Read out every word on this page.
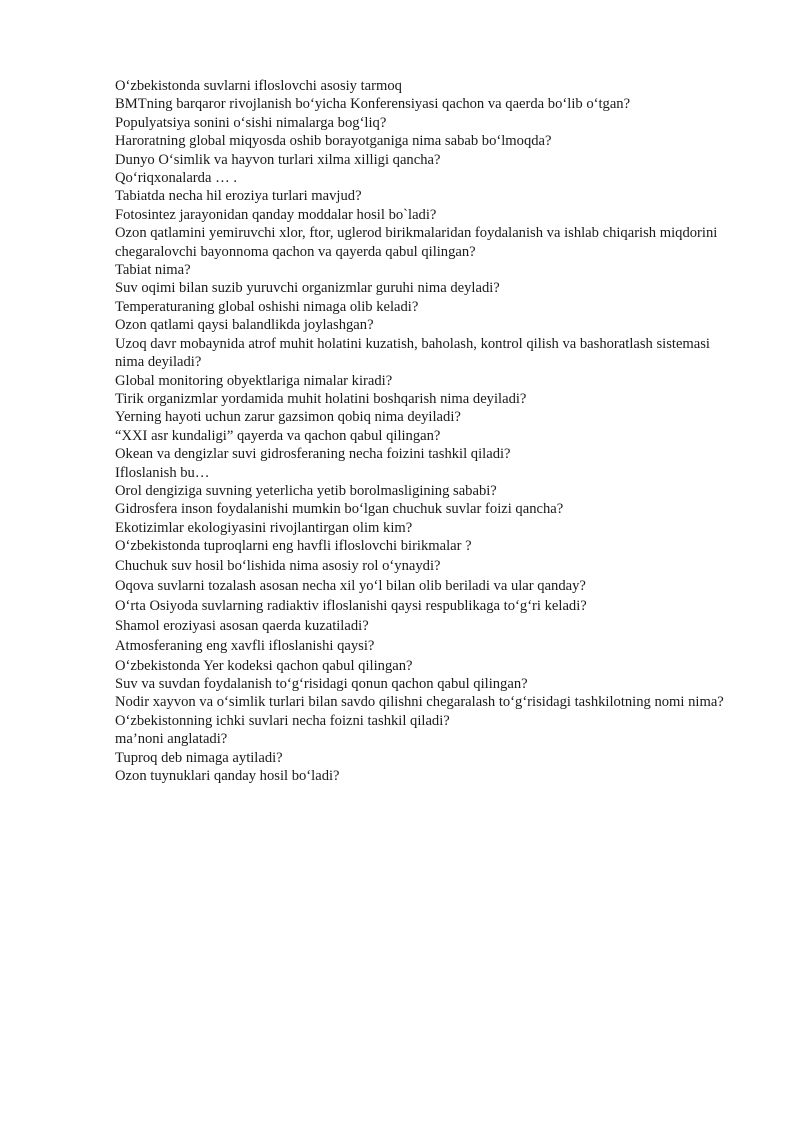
O‘zbekistonda suvlarni ifloslovchi asosiy tarmoq
BMTning barqaror rivojlanish bo‘yicha Konferensiyasi qachon va qaerda bo‘lib o‘tgan?
Populyatsiya sonini o‘sishi nimalarga bog‘liq?
Haroratning global miqyosda oshib borayotganiga nima sabab bo‘lmoqda?
Dunyo O‘simlik va hayvon turlari xilma xilligi qancha?
Qo‘riqxonalarda … .
Tabiatda necha hil eroziya turlari mavjud?
Fotosintez jarayonidan qanday moddalar hosil bo`ladi?
Ozon qatlamini yemiruvchi xlor, ftor, uglerod birikmalaridan foydalanish va ishlab chiqarish miqdorini chegaralovchi bayonnoma qachon va qayerda qabul qilingan?
Tabiat nima?
Suv oqimi bilan suzib yuruvchi organizmlar guruhi nima deyladi?
Temperaturaning global oshishi nimaga olib keladi?
Ozon qatlami qaysi balandlikda joylashgan?
Uzoq davr mobaynida atrof muhit holatini kuzatish, baholash, kontrol qilish va bashoratlash sistemasi nima deyiladi?
Global monitoring obyektlariga nimalar kiradi?
Tirik organizmlar yordamida muhit holatini boshqarish nima deyiladi?
Yerning hayoti uchun zarur gazsimon qobiq nima deyiladi?
“XXI asr kundaligi” qayerda va qachon qabul qilingan?
Okean va dengizlar suvi gidrosferaning necha foizini tashkil qiladi?
Ifloslanish bu…
Orol dengiziga suvning yeterlicha yetib borolmasligining sababi?
Gidrosfera inson foydalanishi mumkin bo‘lgan chuchuk suvlar foizi qancha?
Ekotizimlar ekologiyasini rivojlantirgan olim kim?
O‘zbekistonda tuproqlarni eng havfli ifloslovchi birikmalar ?
Chuchuk suv hosil bo‘lishida nima asosiy rol o‘ynaydi?
Oqova suvlarni tozalash asosan necha xil yo‘l bilan olib beriladi va ular qanday?
O‘rta Osiyoda suvlarning radiaktiv ifloslanishi qaysi respublikaga to‘g‘ri keladi?
Shamol eroziyasi asosan qaerda kuzatiladi?
Atmosferaning eng xavfli ifloslanishi qaysi?
O‘zbekistonda Yer kodeksi qachon qabul qilingan?
Suv va suvdan foydalanish to‘g‘risidagi qonun qachon qabul qilingan?
Nodir xayvon va o‘simlik turlari bilan savdo qilishni chegaralash to‘g‘risidagi tashkilotning nomi nima?
O‘zbekistonning ichki suvlari necha foizni tashkil qiladi?
ma’noni anglatadi?
Tuproq deb nimaga aytiladi?
Ozon tuynuklari qanday hosil bo‘ladi?
